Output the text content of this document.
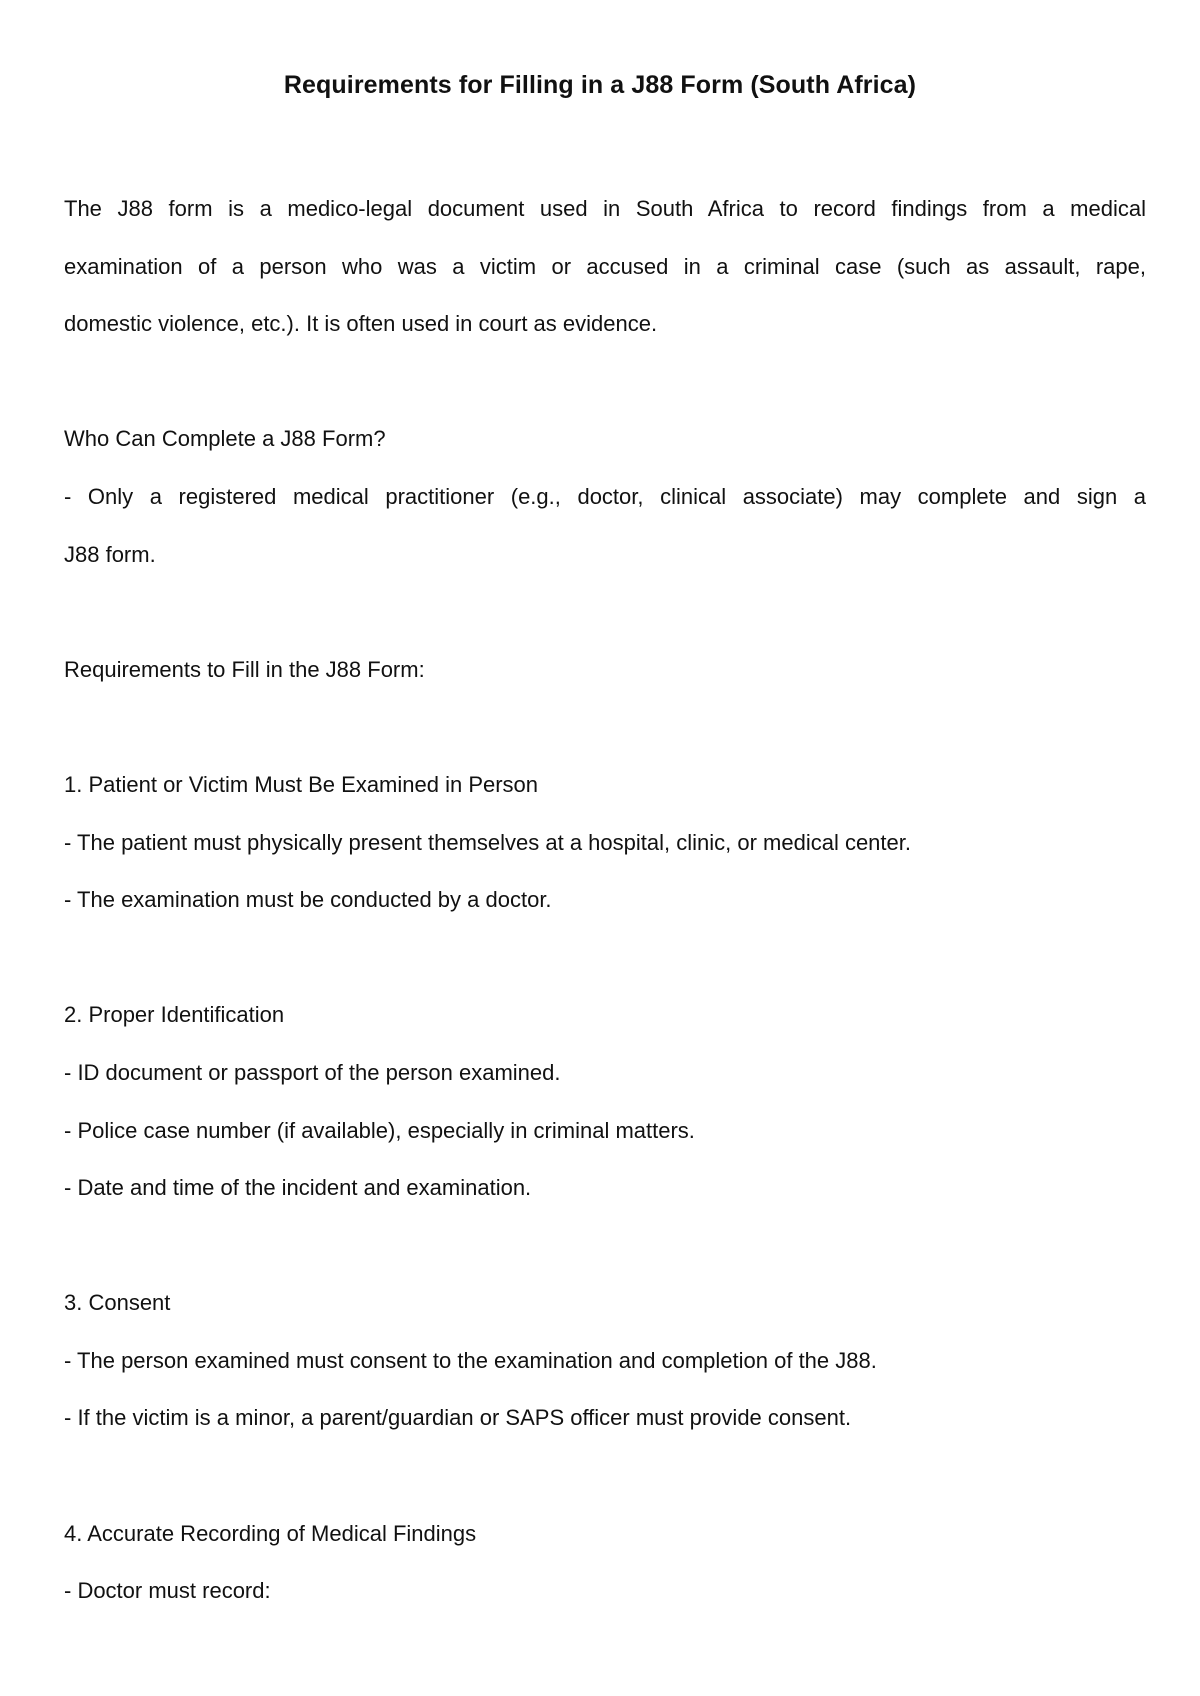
Requirements for Filling in a J88 Form (South Africa)
The J88 form is a medico-legal document used in South Africa to record findings from a medical
examination of a person who was a victim or accused in a criminal case (such as assault, rape,
domestic violence, etc.). It is often used in court as evidence.
Who Can Complete a J88 Form?
- Only a registered medical practitioner (e.g., doctor, clinical associate) may complete and sign a
J88 form.
Requirements to Fill in the J88 Form:
1. Patient or Victim Must Be Examined in Person
- The patient must physically present themselves at a hospital, clinic, or medical center.
- The examination must be conducted by a doctor.
2. Proper Identification
- ID document or passport of the person examined.
- Police case number (if available), especially in criminal matters.
- Date and time of the incident and examination.
3. Consent
- The person examined must consent to the examination and completion of the J88.
- If the victim is a minor, a parent/guardian or SAPS officer must provide consent.
4. Accurate Recording of Medical Findings
- Doctor must record:
